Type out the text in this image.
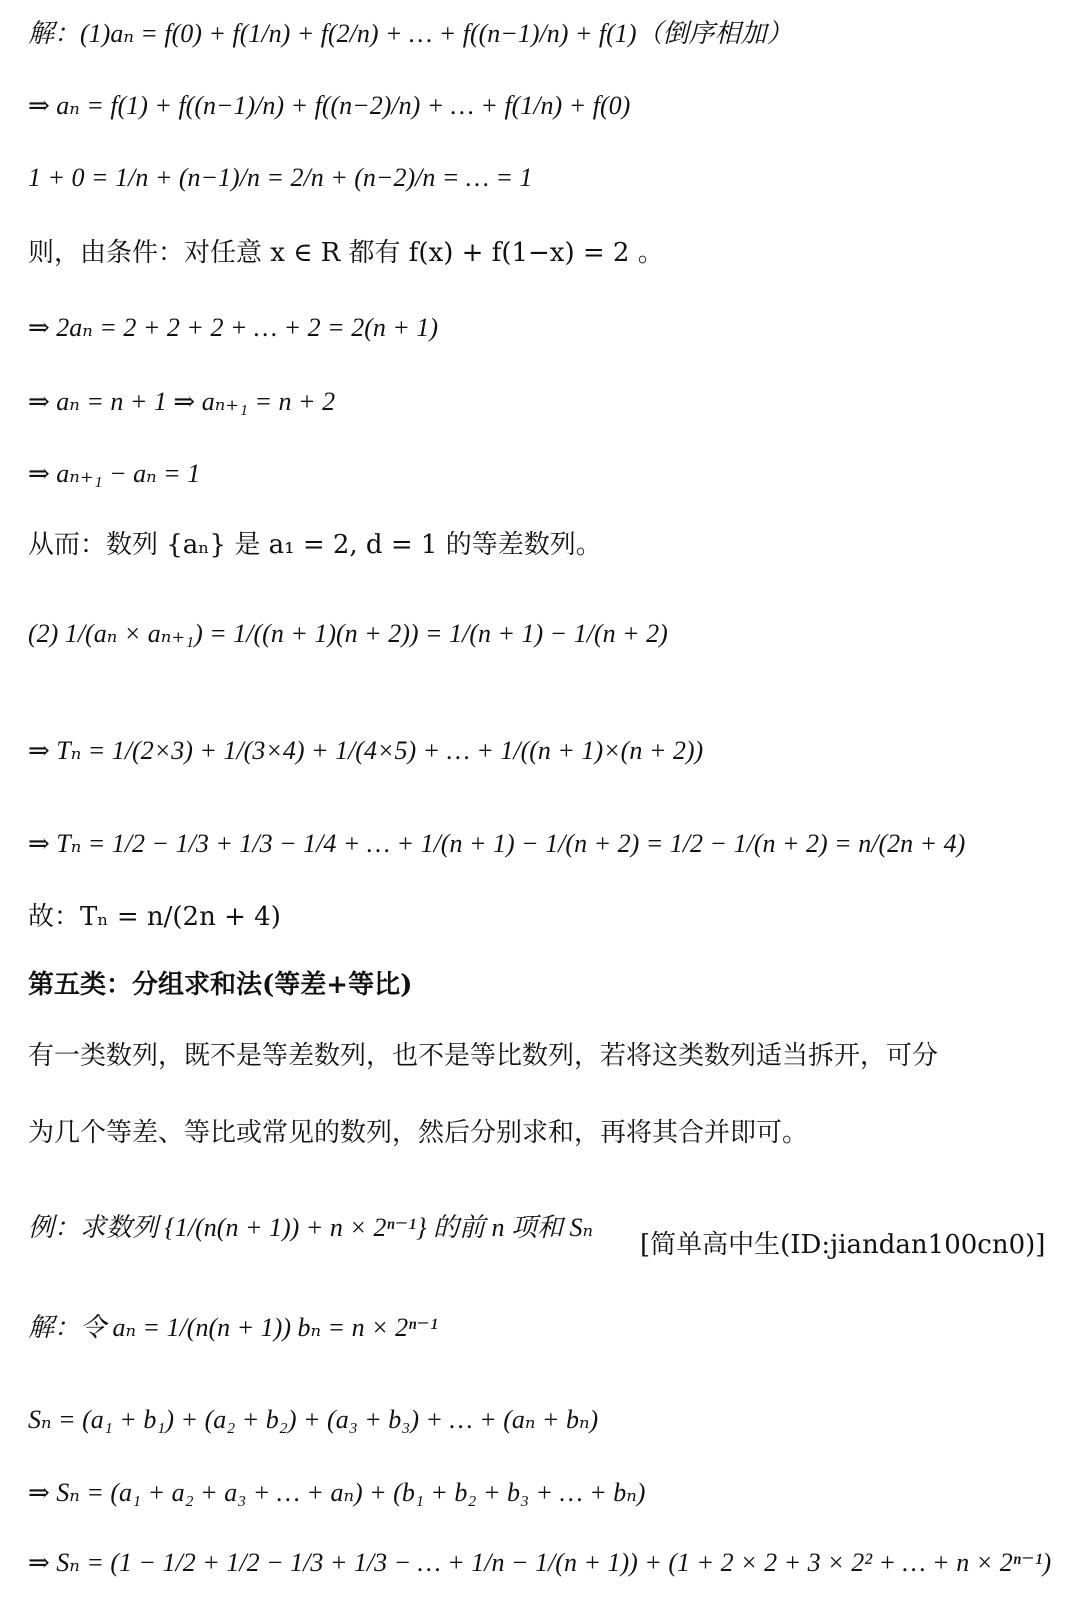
解：(1)aₙ = f(0) + f(1/n) + f(2/n) + … + f((n−1)/n) + f(1)（倒序相加）
⇒ aₙ = f(1) + f((n−1)/n) + f((n−2)/n) + … + f(1/n) + f(0)
1 + 0 = 1/n + (n−1)/n = 2/n + (n−2)/n = … = 1
则，由条件：对任意 x ∈ R 都有 f(x) + f(1−x) = 2 。
⇒ 2aₙ = 2 + 2 + 2 + … + 2 = 2(n + 1)
⇒ aₙ = n + 1 ⇒ aₙ₊₁ = n + 2
⇒ aₙ₊₁ − aₙ = 1
从而：数列 {aₙ} 是 a₁ = 2, d = 1 的等差数列。
(2) 1/(aₙ × aₙ₊₁) = 1/((n + 1)(n + 2)) = 1/(n + 1) − 1/(n + 2)
⇒ Tₙ = 1/(2×3) + 1/(3×4) + 1/(4×5) + … + 1/((n + 1)×(n + 2))
⇒ Tₙ = 1/2 − 1/3 + 1/3 − 1/4 + … + 1/(n + 1) − 1/(n + 2) = 1/2 − 1/(n + 2) = n/(2n + 4)
故：Tₙ = n/(2n + 4)
第五类：分组求和法(等差+等比)
有一类数列，既不是等差数列，也不是等比数列，若将这类数列适当拆开，可分
为几个等差、等比或常见的数列，然后分别求和，再将其合并即可。
例：求数列 {1/(n(n + 1)) + n × 2ⁿ⁻¹} 的前 n 项和 Sₙ
[简单高中生(ID:jiandan100cn0)]
解：令 aₙ = 1/(n(n + 1)) bₙ = n × 2ⁿ⁻¹
Sₙ = (a₁ + b₁) + (a₂ + b₂) + (a₃ + b₃) + … + (aₙ + bₙ)
⇒ Sₙ = (a₁ + a₂ + a₃ + … + aₙ) + (b₁ + b₂ + b₃ + … + bₙ)
⇒ Sₙ = (1 − 1/2 + 1/2 − 1/3 + 1/3 − … + 1/n − 1/(n + 1)) + (1 + 2 × 2 + 3 × 2² + … + n × 2ⁿ⁻¹)
